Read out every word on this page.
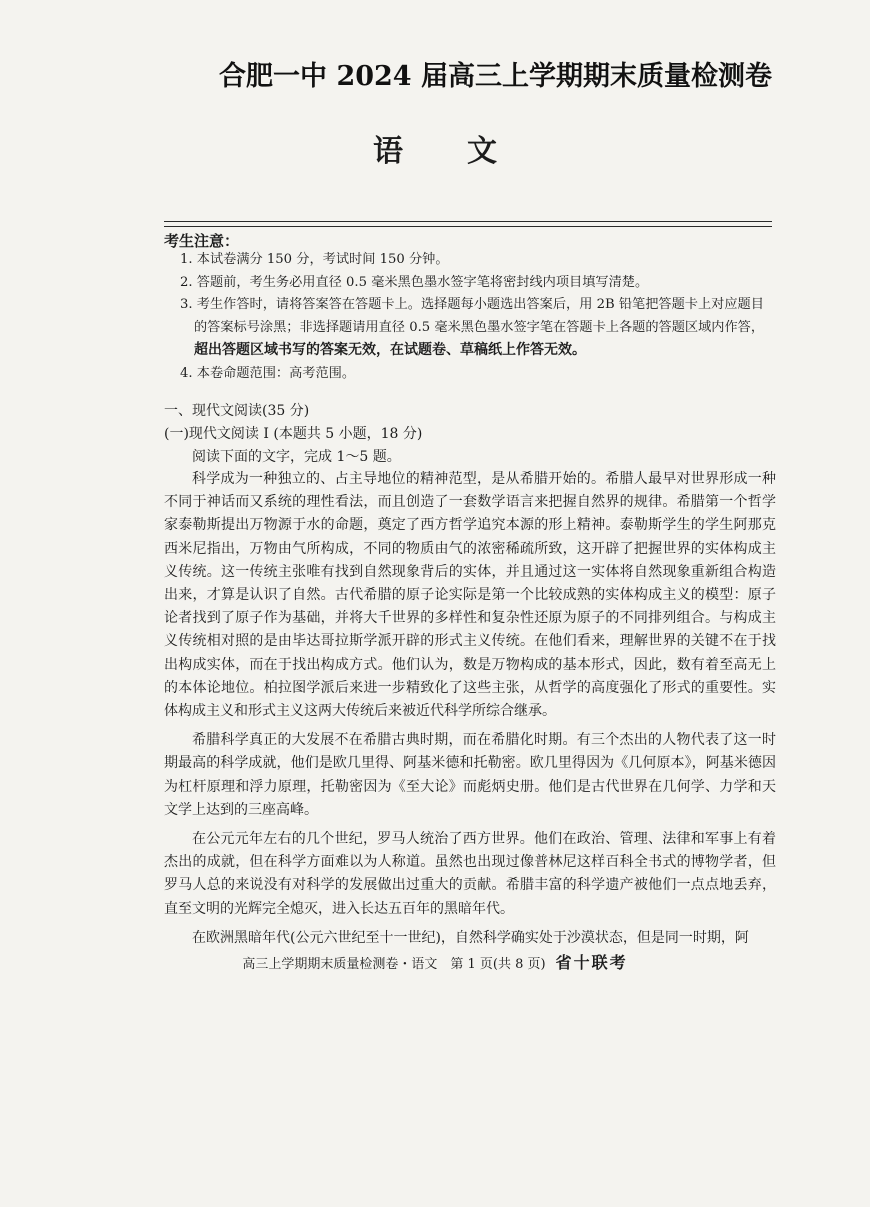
合肥一中 2024 届高三上学期期末质量检测卷
语 文
考生注意：
1. 本试卷满分 150 分，考试时间 150 分钟。
2. 答题前，考生务必用直径 0.5 毫米黑色墨水签字笔将密封线内项目填写清楚。
3. 考生作答时，请将答案答在答题卡上。选择题每小题选出答案后，用 2B 铅笔把答题卡上对应题目的答案标号涂黑；非选择题请用直径 0.5 毫米黑色墨水签字笔在答题卡上各题的答题区域内作答，超出答题区域书写的答案无效，在试题卷、草稿纸上作答无效。
4. 本卷命题范围：高考范围。
一、现代文阅读(35 分)
(一)现代文阅读 I (本题共 5 小题，18 分)
阅读下面的文字，完成 1～5 题。

科学成为一种独立的、占主导地位的精神范型，是从希腊开始的。希腊人最早对世界形成一种不同于神话而又系统的理性看法，而且创造了一套数学语言来把握自然界的规律。希腊第一个哲学家泰勒斯提出万物源于水的命题，奠定了西方哲学追究本源的形上精神。泰勒斯学生的学生阿那克西米尼指出，万物由气所构成，不同的物质由气的浓密稀疏所致，这开辟了把握世界的实体构成主义传统。这一传统主张唯有找到自然现象背后的实体，并且通过这一实体将自然现象重新组合构造出来，才算是认识了自然。古代希腊的原子论实际是第一个比较成熟的实体构成主义的模型：原子论者找到了原子作为基础，并将大千世界的多样性和复杂性还原为原子的不同排列组合。与构成主义传统相对照的是由毕达哥拉斯学派开辟的形式主义传统。在他们看来，理解世界的关键不在于找出构成实体，而在于找出构成方式。他们认为，数是万物构成的基本形式，因此，数有着至高无上的本体论地位。柏拉图学派后来进一步精致化了这些主张，从哲学的高度强化了形式的重要性。实体构成主义和形式主义这两大传统后来被近代科学所综合继承。

希腊科学真正的大发展不在希腊古典时期，而在希腊化时期。有三个杰出的人物代表了这一时期最高的科学成就，他们是欧几里得、阿基米德和托勒密。欧几里得因为《几何原本》，阿基米德因为杠杆原理和浮力原理，托勒密因为《至大论》而彪炳史册。他们是古代世界在几何学、力学和天文学上达到的三座高峰。

在公元元年左右的几个世纪，罗马人统治了西方世界。他们在政治、管理、法律和军事上有着杰出的成就，但在科学方面难以为人称道。虽然也出现过像普林尼这样百科全书式的博物学者，但罗马人总的来说没有对科学的发展做出过重大的贡献。希腊丰富的科学遗产被他们一点点地丢弃，直至文明的光辉完全熄灭，进入长达五百年的黑暗年代。

在欧洲黑暗年代(公元六世纪至十一世纪)，自然科学确实处于沙漠状态，但是同一时期，阿

高三上学期期末质量检测卷・语文　第 1 页(共 8 页) 省十联考
